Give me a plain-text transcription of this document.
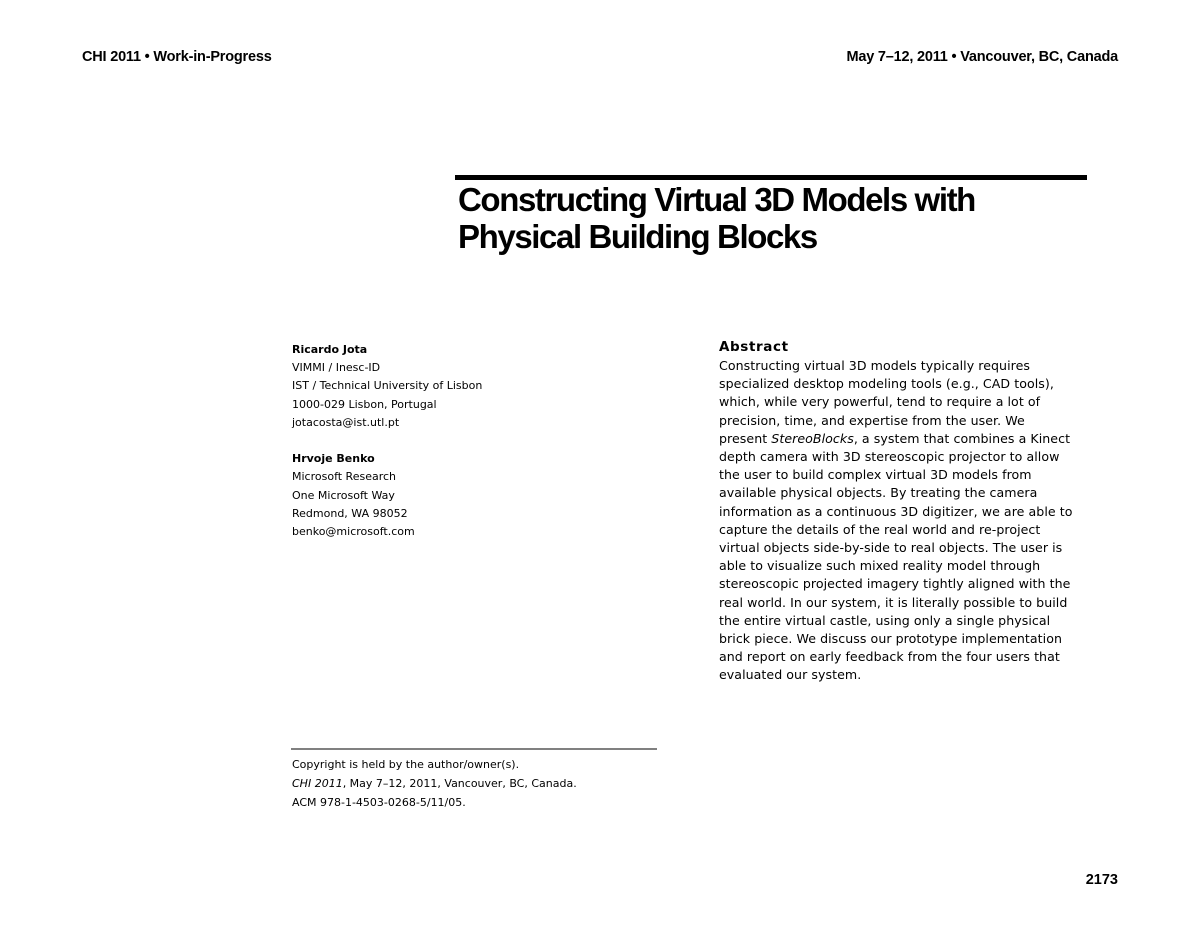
CHI 2011 • Work-in-Progress	May 7–12, 2011 • Vancouver, BC, Canada
Constructing Virtual 3D Models with
Physical Building Blocks
Ricardo Jota
VIMMI / Inesc-ID
IST / Technical University of Lisbon
1000-029 Lisbon, Portugal
jotacosta@ist.utl.pt
Hrvoje Benko
Microsoft Research
One Microsoft Way
Redmond, WA 98052
benko@microsoft.com
Abstract
Constructing virtual 3D models typically requires
specialized desktop modeling tools (e.g., CAD tools),
which, while very powerful, tend to require a lot of
precision, time, and expertise from the user. We
present StereoBlocks, a system that combines a Kinect
depth camera with 3D stereoscopic projector to allow
the user to build complex virtual 3D models from
available physical objects. By treating the camera
information as a continuous 3D digitizer, we are able to
capture the details of the real world and re-project
virtual objects side-by-side to real objects. The user is
able to visualize such mixed reality model through
stereoscopic projected imagery tightly aligned with the
real world. In our system, it is literally possible to build
the entire virtual castle, using only a single physical
brick piece. We discuss our prototype implementation
and report on early feedback from the four users that
evaluated our system.
Copyright is held by the author/owner(s).
CHI 2011, May 7–12, 2011, Vancouver, BC, Canada.
ACM 978-1-4503-0268-5/11/05.
2173
